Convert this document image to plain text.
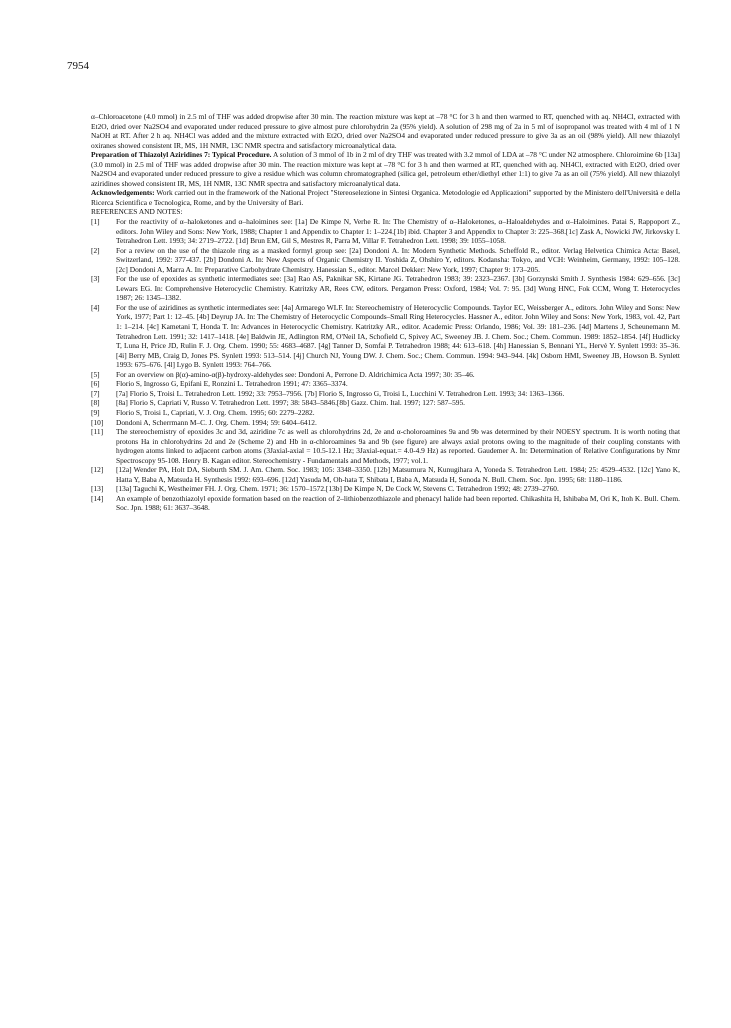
7954

α–Chloroacetone (4.0 mmol) in 2.5 ml of THF was added dropwise after 30 min. The reaction mixture was kept at –78 °C for 3 h and then warmed to RT, quenched with aq. NH4Cl, extracted with Et2O, dried over Na2SO4 and evaporated under reduced pressure to give almost pure chlorohydrin 2a (95% yield). A solution of 298 mg of 2a in 5 ml of isopropanol was treated with 4 ml of 1 N NaOH at RT. After 2 h aq. NH4Cl was added and the mixture extracted with Et2O, dried over Na2SO4 and evaporated under reduced pressure to give 3a as an oil (98% yield). All new thiazolyl oxiranes showed consistent IR, MS, 1H NMR, 13C NMR spectra and satisfactory microanalytical data.

Preparation of Thiazolyl Aziridines 7: Typical Procedure. A solution of 3 mmol of 1b in 2 ml of dry THF was treated with 3.2 mmol of LDA at –78 °C under N2 atmosphere. Chloroimine 6b [13a] (3.0 mmol) in 2.5 ml of THF was added dropwise after 30 min. The reaction mixture was kept at –78 °C for 3 h and then warmed at RT, quenched with aq. NH4Cl, extracted with Et2O, dried over Na2SO4 and evaporated under reduced pressure to give a residue which was column chromatographed (silica gel, petroleum ether/diethyl ether 1:1) to give 7a as an oil (75% yield). All new thiazolyl aziridines showed consistent IR, MS, 1H NMR, 13C NMR spectra and satisfactory microanalytical data.

Acknowledgements: Work carried out in the framework of the National Project "Stereoselezione in Sintesi Organica. Metodologie ed Applicazioni" supported by the Ministero dell'Università e della Ricerca Scientifica e Tecnologica, Rome, and by the University of Bari.

REFERENCES AND NOTES:

[1]	For the reactivity of α–haloketones and α–haloimines see: [1a] De Kimpe N, Verhe R. In: The Chemistry of α–Haloketones, α–Haloaldehydes and α–Haloimines. Patai S, Rappoport Z., editors. John Wiley and Sons: New York, 1988; Chapter 1 and Appendix to Chapter 1: 1–224.[1b] ibid. Chapter 3 and Appendix to Chapter 3: 225–368.[1c] Zask A, Nowicki JW, Jirkovsky I. Tetrahedron Lett. 1993; 34: 2719–2722. [1d] Brun EM, Gil S, Mestres R, Parra M, Villar F. Tetrahedron Lett. 1998; 39: 1055–1058.
[2]	For a review on the use of the thiazole ring as a masked formyl group see: [2a] Dondoni A. In: Modern Synthetic Methods. Scheffold R., editor. Verlag Helvetica Chimica Acta: Basel, Switzerland, 1992: 377-437. [2b] Dondoni A. In: New Aspects of Organic Chemistry II. Yoshida Z, Ohshiro Y, editors. Kodansha: Tokyo, and VCH: Weinheim, Germany, 1992: 105–128. [2c] Dondoni A, Marra A. In: Preparative Carbohydrate Chemistry. Hanessian S., editor. Marcel Dekker: New York, 1997; Chapter 9: 173–205.
[3]	For the use of epoxides as synthetic intermediates see: [3a] Rao AS, Paknikar SK, Kirtane JG. Tetrahedron 1983; 39: 2323–2367. [3b] Gorzynski Smith J. Synthesis 1984: 629–656. [3c] Lewars EG. In: Comprehensive Heterocyclic Chemistry. Katritzky AR, Rees CW, editors. Pergamon Press: Oxford, 1984; Vol. 7: 95. [3d] Wong HNC, Fok CCM, Wong T. Heterocycles 1987; 26: 1345–1382.
[4]	For the use of aziridines as synthetic intermediates see: [4a] Armarego WLF. In: Stereochemistry of Heterocyclic Compounds. Taylor EC, Weissberger A., editors. John Wiley and Sons: New York, 1977; Part 1: 12–45. [4b] Deyrup JA. In: The Chemistry of Heterocyclic Compounds–Small Ring Heterocycles. Hassner A., editor. John Wiley and Sons: New York, 1983, vol. 42, Part 1: 1–214. [4c] Kametani T, Honda T. In: Advances in Heterocyclic Chemistry. Katritzky AR., editor. Academic Press: Orlando, 1986; Vol. 39: 181–236. [4d] Martens J, Scheunemann M. Tetrahedron Lett. 1991; 32: 1417–1418. [4e] Baldwin JE, Adlington RM, O'Neil IA, Schofield C, Spivey AC, Sweeney JB. J. Chem. Soc.; Chem. Commun. 1989: 1852–1854. [4f] Hudlicky T, Luna H, Price JD, Rulin F. J. Org. Chem. 1990; 55: 4683–4687. [4g] Tanner D, Somfai P. Tetrahedron 1988; 44: 613–618. [4h] Hanessian S, Bennani YL, Hervè Y. Synlett 1993: 35–36. [4i] Berry MB, Craig D, Jones PS. Synlett 1993: 513–514. [4j] Church NJ, Young DW. J. Chem. Soc.; Chem. Commun. 1994: 943–944. [4k] Osborn HMI, Sweeney JB, Howson B. Synlett 1993: 675–676. [4l] Lygo B. Synlett 1993: 764–766.
[5]	For an overview on β(α)-amino-α(β)-hydroxy-aldehydes see: Dondoni A, Perrone D. Aldrichimica Acta 1997; 30: 35–46.
[6]	Florio S, Ingrosso G, Epifani E, Ronzini L. Tetrahedron 1991; 47: 3365–3374.
[7]	[7a] Florio S, Troisi L. Tetrahedron Lett. 1992; 33: 7953–7956. [7b] Florio S, Ingrosso G, Troisi L, Lucchini V. Tetrahedron Lett. 1993; 34: 1363–1366.
[8]	[8a] Florio S, Capriati V, Russo V. Tetrahedron Lett. 1997; 38: 5843–5846.[8b] Gazz. Chim. Ital. 1997; 127: 587–595.
[9]	Florio S, Troisi L, Capriati, V. J. Org. Chem. 1995; 60: 2279–2282.
[10]	Dondoni A, Scherrmann M–C. J. Org. Chem. 1994; 59: 6404–6412.
[11]	The stereochemistry of epoxides 3c and 3d, aziridine 7c as well as chlorohydrins 2d, 2e and α-choloroamines 9a and 9b was determined by their NOESY spectrum. It is worth noting that protons Ha in chlorohydrins 2d and 2e (Scheme 2) and Hb in α-chloroamines 9a and 9b (see figure) are always axial protons owing to the magnitude of their coupling constants with hydrogen atoms linked to adjacent carbon atoms (3Jaxial-axial = 10.5-12.1 Hz; 3Jaxial-equat.= 4.0-4.9 Hz) as reported. Gaudemer A. In: Determination of Relative Configurations by Nmr Spectroscopy 95-108. Henry B. Kagan editor. Stereochemistry - Fundamentals and Methods, 1977; vol.1.
[12]	[12a] Wender PA, Holt DA, Sieburth SM. J. Am. Chem. Soc. 1983; 105: 3348–3350. [12b] Matsumura N, Kunugihara A, Yoneda S. Tetrahedron Lett. 1984; 25: 4529–4532. [12c] Yano K, Hatta Y, Baba A, Matsuda H. Synthesis 1992: 693–696. [12d] Yasuda M, Oh-hata T, Shibata I, Baba A, Matsuda H, Sonoda N. Bull. Chem. Soc. Jpn. 1995; 68: 1180–1186.
[13]	[13a] Taguchi K, Westheimer FH. J. Org. Chem. 1971; 36: 1570–1572.[13b] De Kimpe N, De Cock W, Stevens C. Tetrahedron 1992; 48: 2739–2760.
[14]	An example of benzothiazolyl epoxide formation based on the reaction of 2–lithiobenzothiazole and phenacyl halide had been reported. Chikashita H, Ishibaba M, Ori K, Itoh K. Bull. Chem. Soc. Jpn. 1988; 61: 3637–3648.
